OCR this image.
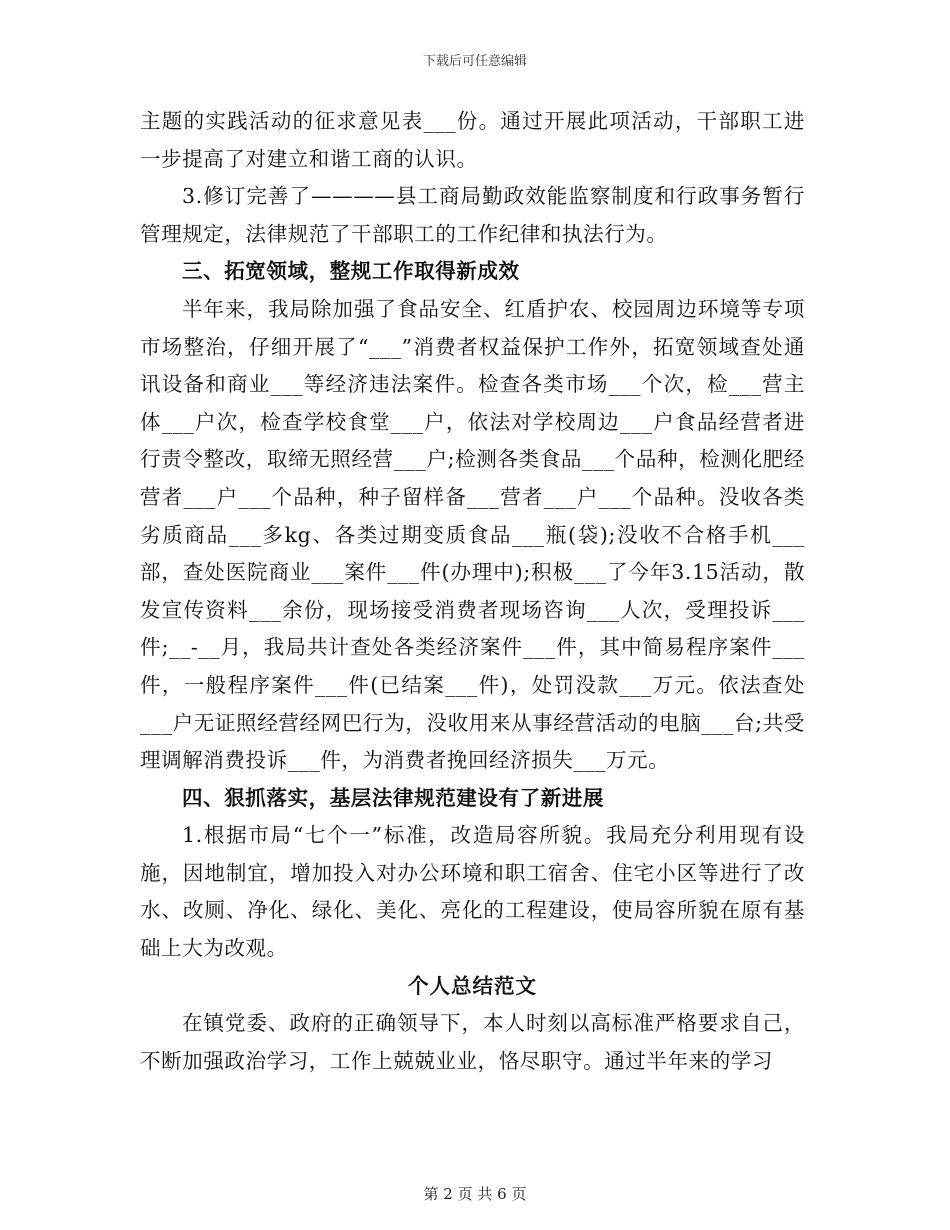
下载后可任意编辑

主题的实践活动的征求意见表___份。通过开展此项活动，干部职工进一步提高了对建立和谐工商的认识。

3.修订完善了————县工商局勤政效能监察制度和行政事务暂行管理规定，法律规范了干部职工的工作纪律和执法行为。

三、拓宽领域，整规工作取得新成效

半年来，我局除加强了食品安全、红盾护农、校园周边环境等专项市场整治，仔细开展了“___”消费者权益保护工作外，拓宽领域查处通讯设备和商业___等经济违法案件。检查各类市场___个次，检___营主体___户次，检查学校食堂___户，依法对学校周边___户食品经营者进行责令整改，取缔无照经营___户;检测各类食品___个品种，检测化肥经营者___户___个品种，种子留样备___营者___户___个品种。没收各类劣质商品___多kg、各类过期变质食品___瓶(袋);没收不合格手机___部，查处医院商业___案件___件(办理中);积极___了今年3.15活动，散发宣传资料___余份，现场接受消费者现场咨询___人次，受理投诉___件;__-__月，我局共计查处各类经济案件___件，其中简易程序案件___件，一般程序案件___件(已结案___件)，处罚没款___万元。依法查处___户无证照经营经网巴行为，没收用来从事经营活动的电脑___台;共受理调解消费投诉___件，为消费者挽回经济损失___万元。

四、狠抓落实，基层法律规范建设有了新进展

1.根据市局“七个一”标准，改造局容所貌。我局充分利用现有设施，因地制宜，增加投入对办公环境和职工宿舍、住宅小区等进行了改水、改厕、净化、绿化、美化、亮化的工程建设，使局容所貌在原有基础上大为改观。

个人总结范文

在镇党委、政府的正确领导下，本人时刻以高标准严格要求自己，不断加强政治学习，工作上兢兢业业，恪尽职守。通过半年来的学习

第 2 页 共 6 页
